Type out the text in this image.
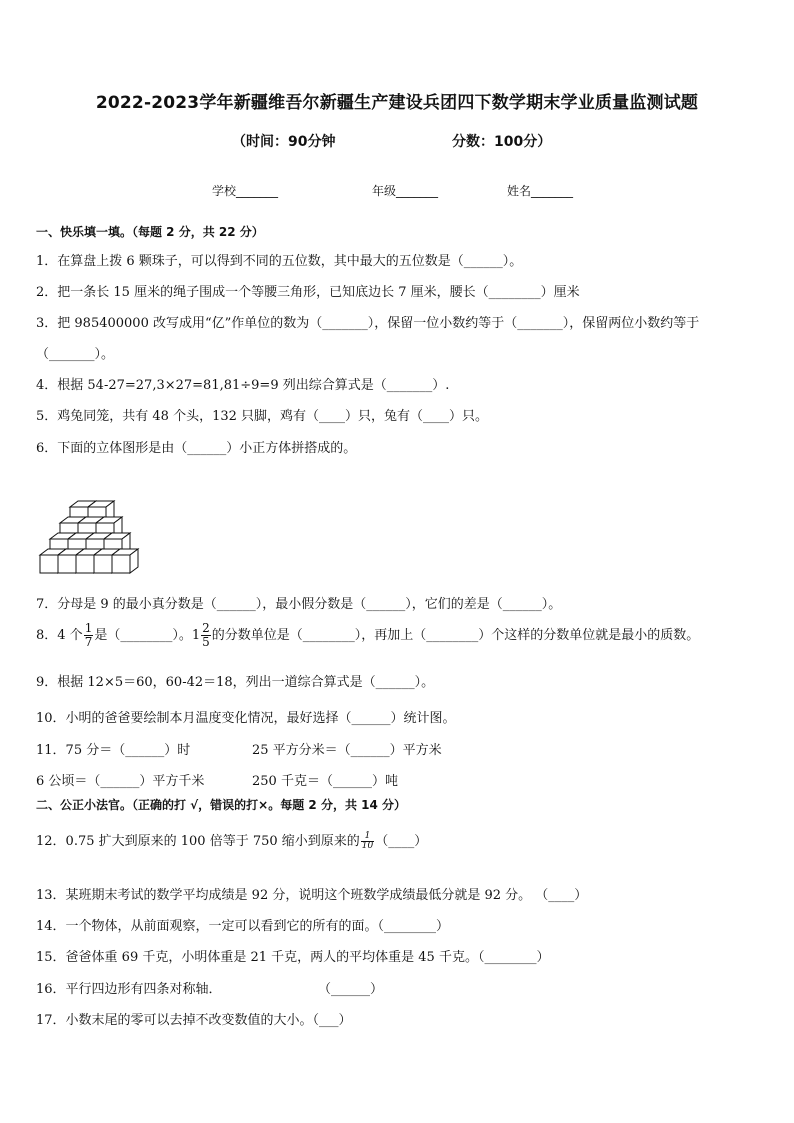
2022-2023学年新疆维吾尔新疆生产建设兵团四下数学期末学业质量监测试题
（时间：90分钟	分数：100分）
学校_______	年级_______	姓名_______
一、快乐填一填。（每题 2 分，共 22 分）
1．在算盘上拨 6 颗珠子，可以得到不同的五位数，其中最大的五位数是（______）。
2．把一条长 15 厘米的绳子围成一个等腰三角形，已知底边长 7 厘米，腰长（________）厘米
3．把 985400000 改写成用“亿”作单位的数为（_______），保留一位小数约等于（_______），保留两位小数约等于
（_______）。
4．根据 54-27=27,3×27=81,81÷9=9 列出综合算式是（_______）.
5．鸡兔同笼，共有 48 个头，132 只脚，鸡有（____）只，兔有（____）只。
6．下面的立体图形是由（______）小正方体拼搭成的。
7．分母是 9 的最小真分数是（______），最小假分数是（______），它们的差是（______）。
8．4 个 $\frac{1}{7}$ 是（________）。$1 \frac{2}{5}$ 的分数单位是（________），再加上（________）个这样的分数单位就是最小的质数。
9．根据 12×5＝60，60-42＝18，列出一道综合算式是（______）。
10．小明的爸爸要绘制本月温度变化情况，最好选择（______）统计图。
11．75 分＝（______）时	25 平方分米＝（______）平方米
6 公顷＝（______）平方千米	250 千克＝（______）吨
二、公正小法官。（正确的打 √，错误的打×。每题 2 分，共 14 分）
12．0.75 扩大到原来的 100 倍等于 750 缩小到原来的 $\frac{1}{10}$ （____）
13．某班期末考试的数学平均成绩是 92 分，说明这个班数学成绩最低分就是 92 分。 （____）
14．一个物体，从前面观察，一定可以看到它的所有的面。（________）
15．爸爸体重 69 千克，小明体重是 21 千克，两人的平均体重是 45 千克。（________）
16．平行四边形有四条对称轴．	（______）
17．小数末尾的零可以去掉不改变数值的大小。（___）
